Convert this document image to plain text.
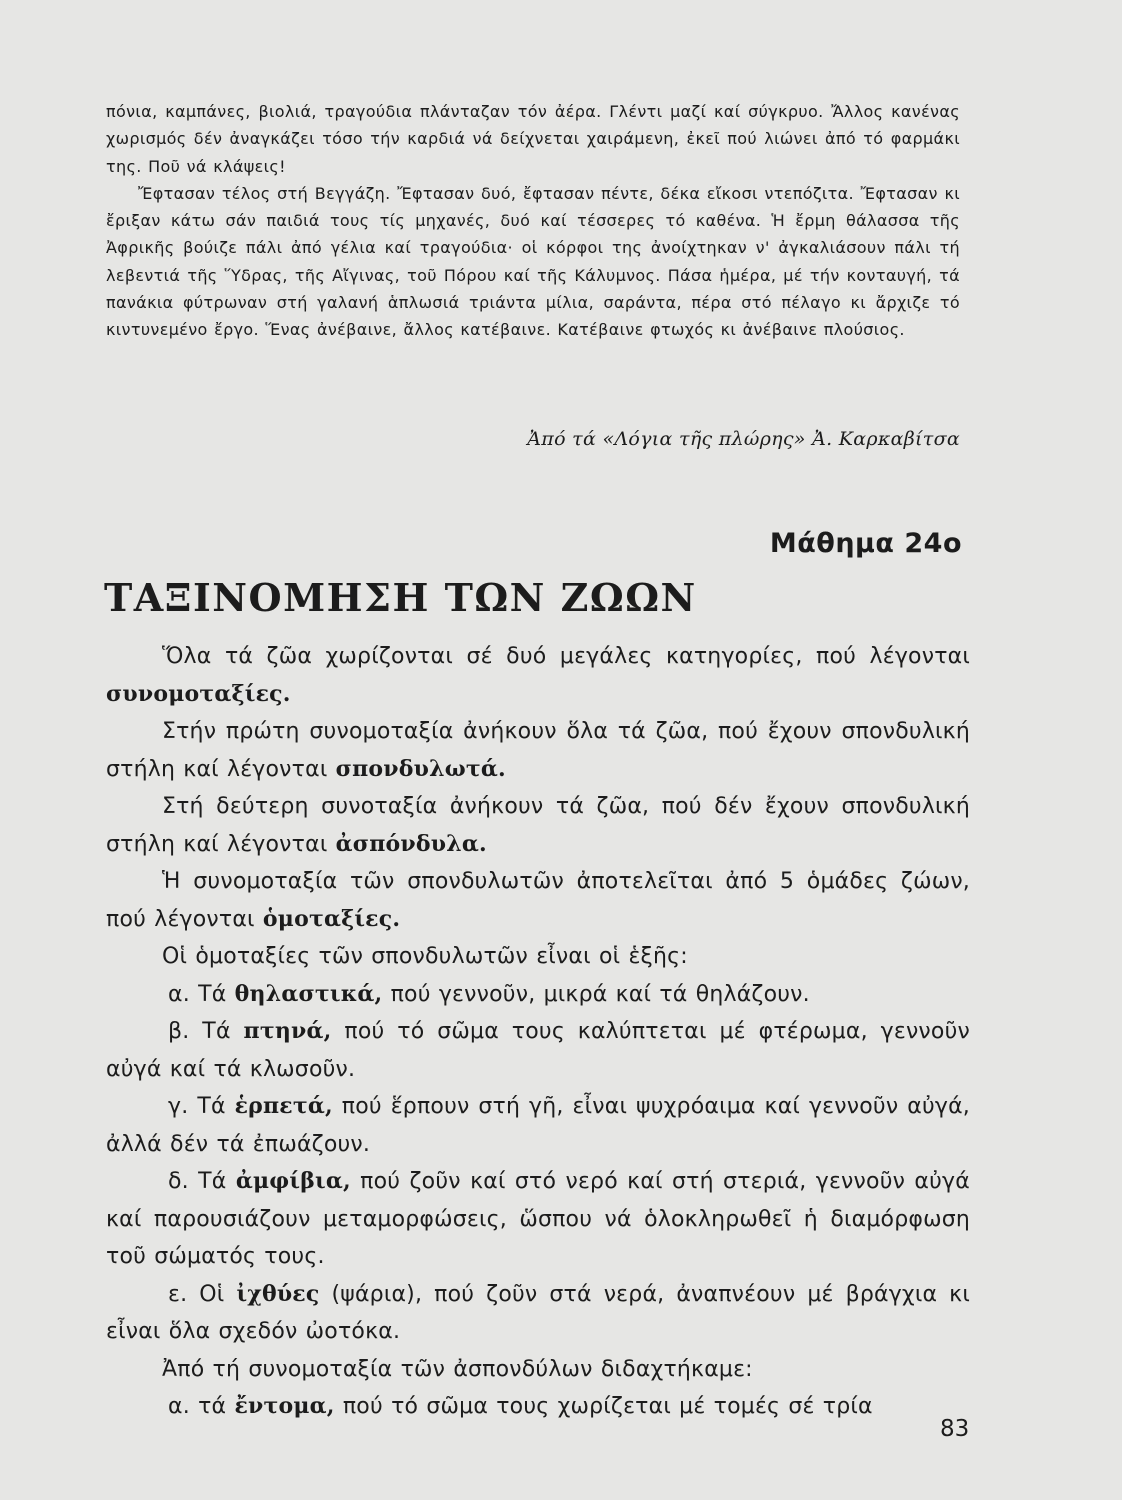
πόνια, καμπάνες, βιολιά, τραγούδια πλάνταζαν τόν ἀέρα. Γλέντι μαζί καί σύγκρυο. Ἄλλος κανένας χωρισμός δέν ἀναγκάζει τόσο τήν καρδιά νά δείχνεται χαιράμενη, ἐκεῖ πού λιώνει ἀπό τό φαρμάκι της. Ποῦ νά κλάψεις!

Ἔφτασαν τέλος στή Βεγγάζη. Ἔφτασαν δυό, ἔφτασαν πέντε, δέκα εἴκοσι ντεπόζιτα. Ἔφτασαν κι ἔριξαν κάτω σάν παιδιά τους τίς μηχανές, δυό καί τέσσερες τό καθένα. Ἡ ἔρμη θάλασσα τῆς Ἀφρικῆς βούιζε πάλι ἀπό γέλια καί τραγούδια· οἱ κόρφοι της ἀνοίχτηκαν ν' ἀγκαλιάσουν πάλι τή λεβεντιά τῆς Ὕδρας, τῆς Αἴγινας, τοῦ Πόρου καί τῆς Κάλυμνος. Πάσα ἡμέρα, μέ τήν κονταυγή, τά πανάκια φύτρωναν στή γαλανή ἁπλωσιά τριάντα μίλια, σαράντα, πέρα στό πέλαγο κι ἄρχιζε τό κιντυνεμένο ἔργο. Ἕνας ἀνέβαινε, ἄλλος κατέβαινε. Κατέβαινε φτωχός κι ἀνέβαινε πλούσιος.

Ἀπό τά «Λόγια τῆς πλώρης» Ἀ. Καρκαβίτσα
Μάθημα 24ο
ΤΑΞΙΝΟΜΗΣΗ ΤΩΝ ΖΩΩΝ

Ὅλα τά ζῶα χωρίζονται σέ δυό μεγάλες κατηγορίες, πού λέγονται συνομοταξίες.

Στήν πρώτη συνομοταξία ἀνήκουν ὅλα τά ζῶα, πού ἔχουν σπονδυλική στήλη καί λέγονται σπονδυλωτά.

Στή δεύτερη συνοταξία ἀνήκουν τά ζῶα, πού δέν ἔχουν σπονδυλική στήλη καί λέγονται ἀσπόνδυλα.

Ἡ συνομοταξία τῶν σπονδυλωτῶν ἀποτελεῖται ἀπό 5 ὁμάδες ζώων, πού λέγονται ὁμοταξίες.

Οἱ ὁμοταξίες τῶν σπονδυλωτῶν εἶναι οἱ ἑξῆς:

α. Τά θηλαστικά, πού γεννοῦν, μικρά καί τά θηλάζουν.

β. Τά πτηνά, πού τό σῶμα τους καλύπτεται μέ φτέρωμα, γεννοῦν αὐγά καί τά κλωσοῦν.

γ. Τά ἑρπετά, πού ἕρπουν στή γῆ, εἶναι ψυχρόαιμα καί γεννοῦν αὐγά, ἀλλά δέν τά ἐπωάζουν.

δ. Τά ἀμφίβια, πού ζοῦν καί στό νερό καί στή στεριά, γεννοῦν αὐγά καί παρουσιάζουν μεταμορφώσεις, ὥσπου νά ὁλοκληρωθεῖ ἡ διαμόρφωση τοῦ σώματός τους.

ε. Οἱ ἰχθύες (ψάρια), πού ζοῦν στά νερά, ἀναπνέουν μέ βράγχια κι εἶναι ὅλα σχεδόν ὠοτόκα.

Ἀπό τή συνομοταξία τῶν ἀσπονδύλων διδαχτήκαμε:

α. τά ἔντομα, πού τό σῶμα τους χωρίζεται μέ τομές σέ τρία

83
